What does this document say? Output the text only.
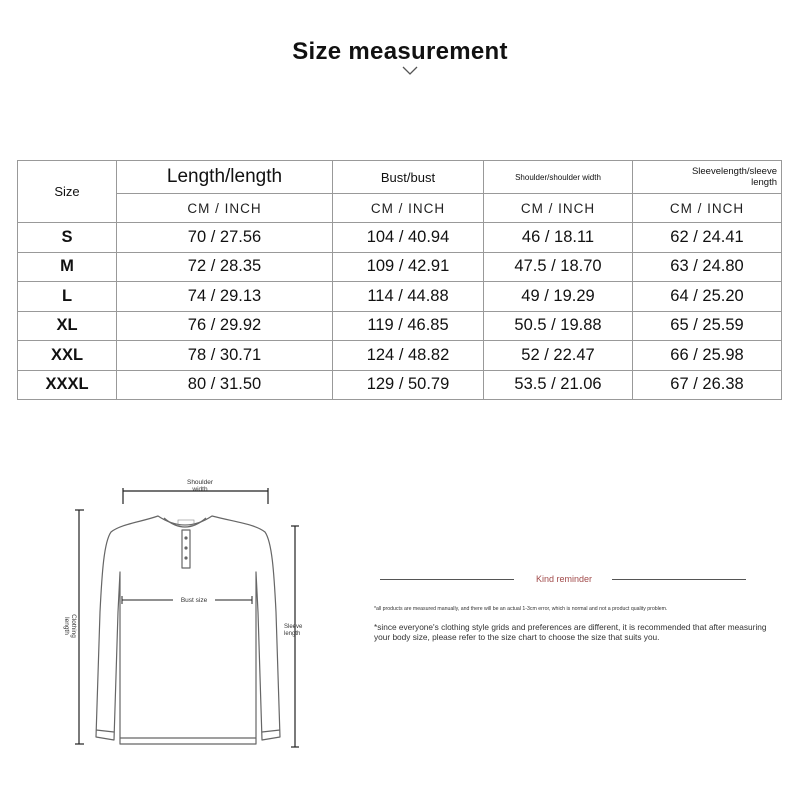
Size measurement
Size	Length/length	Bust/bust	Shoulder/shoulder width	Sleevelength/sleeve
length

	CM / INCH	CM / INCH	CM / INCH	CM / INCH
S	70 / 27.56	104 / 40.94	46 / 18.11	62 / 24.41
M	72 / 28.35	109 / 42.91	47.5 / 18.70	63 / 24.80
L	74 / 29.13	114 / 44.88	49 / 19.29	64 / 25.20
XL	76 / 29.92	119 / 46.85	50.5 / 19.88	65 / 25.59
XXL	78 / 30.71	124 / 48.82	52 / 22.47	66 / 25.98
XXXL	80 / 31.50	129 / 50.79	53.5 / 21.06	67 / 26.38
Shoulder
width
Bust size
Clothing
length	Sleeve
length
Kind reminder
*all products are measured manually, and there will be an actual 1-3cm error, which is normal and not a product quality problem.
*since everyone's clothing style grids and preferences are different, it is recommended that after measuring your body size, please refer to the size chart to choose the size that suits you.
